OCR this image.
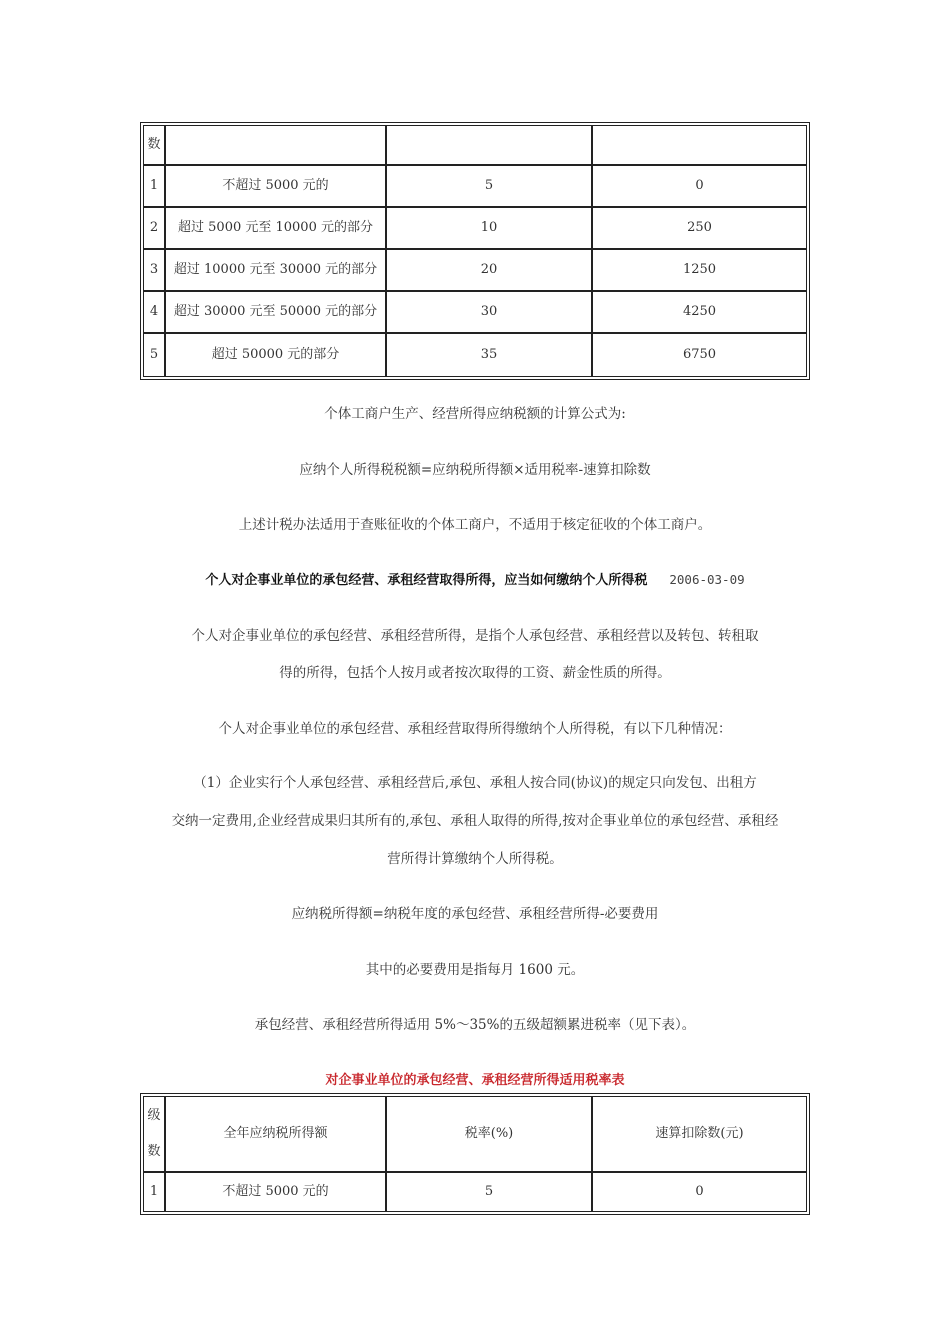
数
1	不超过 5000 元的	5	0
2	超过 5000 元至 10000 元的部分	10	250
3	超过 10000 元至 30000 元的部分	20	1250
4	超过 30000 元至 50000 元的部分	30	4250
5	超过 50000 元的部分	35	6750

个体工商户生产、经营所得应纳税额的计算公式为:

应纳个人所得税税额=应纳税所得额×适用税率-速算扣除数

上述计税办法适用于查账征收的个体工商户，不适用于核定征收的个体工商户。

个人对企事业单位的承包经营、承租经营取得所得，应当如何缴纳个人所得税 2006-03-09

个人对企事业单位的承包经营、承租经营所得，是指个人承包经营、承租经营以及转包、转租取

得的所得，包括个人按月或者按次取得的工资、薪金性质的所得。

个人对企事业单位的承包经营、承租经营取得所得缴纳个人所得税，有以下几种情况：

（1）企业实行个人承包经营、承租经营后,承包、承租人按合同(协议)的规定只向发包、出租方

交纳一定费用,企业经营成果归其所有的,承包、承租人取得的所得,按对企事业单位的承包经营、承租经

营所得计算缴纳个人所得税。

应纳税所得额=纳税年度的承包经营、承租经营所得-必要费用

其中的必要费用是指每月 1600 元。

承包经营、承租经营所得适用 5%～35%的五级超额累进税率（见下表）。

对企事业单位的承包经营、承租经营所得适用税率表

级
数
全年应纳税所得额	税率(%)	速算扣除数(元)
1	不超过 5000 元的	5	0
